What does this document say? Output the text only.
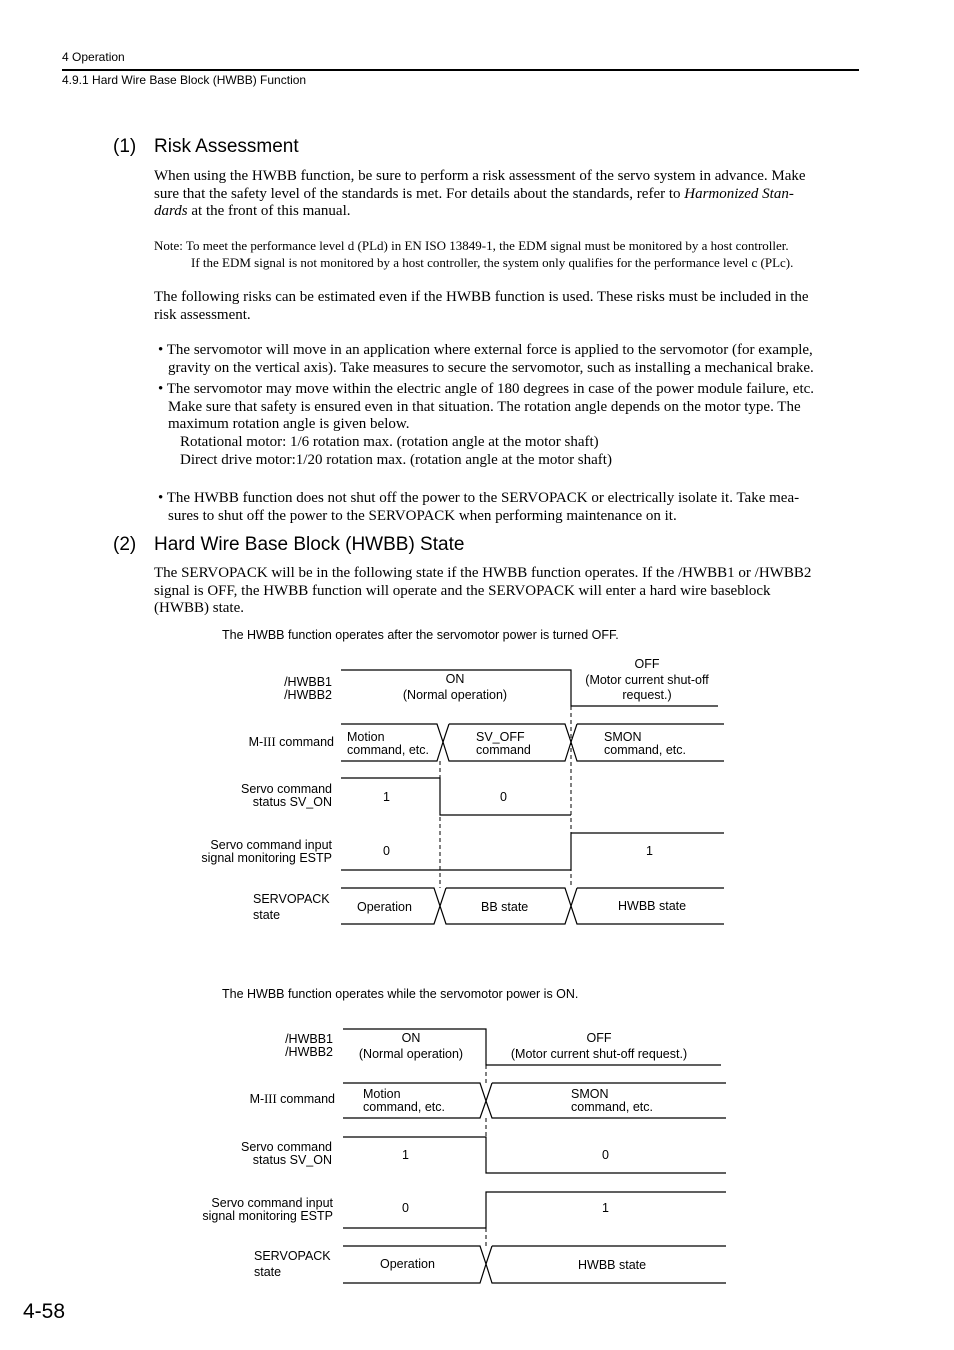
4 Operation
4.9.1 Hard Wire Base Block (HWBB) Function
(1) Risk Assessment
When using the HWBB function, be sure to perform a risk assessment of the servo system in advance. Make
sure that the safety level of the standards is met. For details about the standards, refer to Harmonized Stan-
dards at the front of this manual.
Note: To meet the performance level d (PLd) in EN ISO 13849-1, the EDM signal must be monitored by a host controller.
If the EDM signal is not monitored by a host controller, the system only qualifies for the performance level c (PLc).
The following risks can be estimated even if the HWBB function is used. These risks must be included in the
risk assessment.
• The servomotor will move in an application where external force is applied to the servomotor (for example,
gravity on the vertical axis). Take measures to secure the servomotor, such as installing a mechanical brake.
• The servomotor may move within the electric angle of 180 degrees in case of the power module failure, etc.
Make sure that safety is ensured even in that situation. The rotation angle depends on the motor type. The
maximum rotation angle is given below.
Rotational motor: 1/6 rotation max. (rotation angle at the motor shaft)
Direct drive motor:1/20 rotation max. (rotation angle at the motor shaft)
• The HWBB function does not shut off the power to the SERVOPACK or electrically isolate it. Take mea-
sures to shut off the power to the SERVOPACK when performing maintenance on it.
(2) Hard Wire Base Block (HWBB) State
The SERVOPACK will be in the following state if the HWBB function operates. If the /HWBB1 or /HWBB2
signal is OFF, the HWBB function will operate and the SERVOPACK will enter a hard wire baseblock
(HWBB) state.
The HWBB function operates after the servomotor power is turned OFF.
/HWBB1
/HWBB2
M-III command
Servo command
status SV_ON
Servo command input
signal monitoring ESTP
SERVOPACK
state
ON
(Normal operation)
OFF
(Motor current shut-off
request.)
Motion
command, etc.
SV_OFF
command
SMON
command, etc.
1	0
0	1
Operation	BB state	HWBB state
The HWBB function operates while the servomotor power is ON.
/HWBB1
/HWBB2
M-III command
Servo command
status SV_ON
Servo command input
signal monitoring ESTP
SERVOPACK
state
ON
(Normal operation)
OFF
(Motor current shut-off request.)
Motion
command, etc.
SMON
command, etc.
1	0
0	1
Operation	HWBB state
4-58
